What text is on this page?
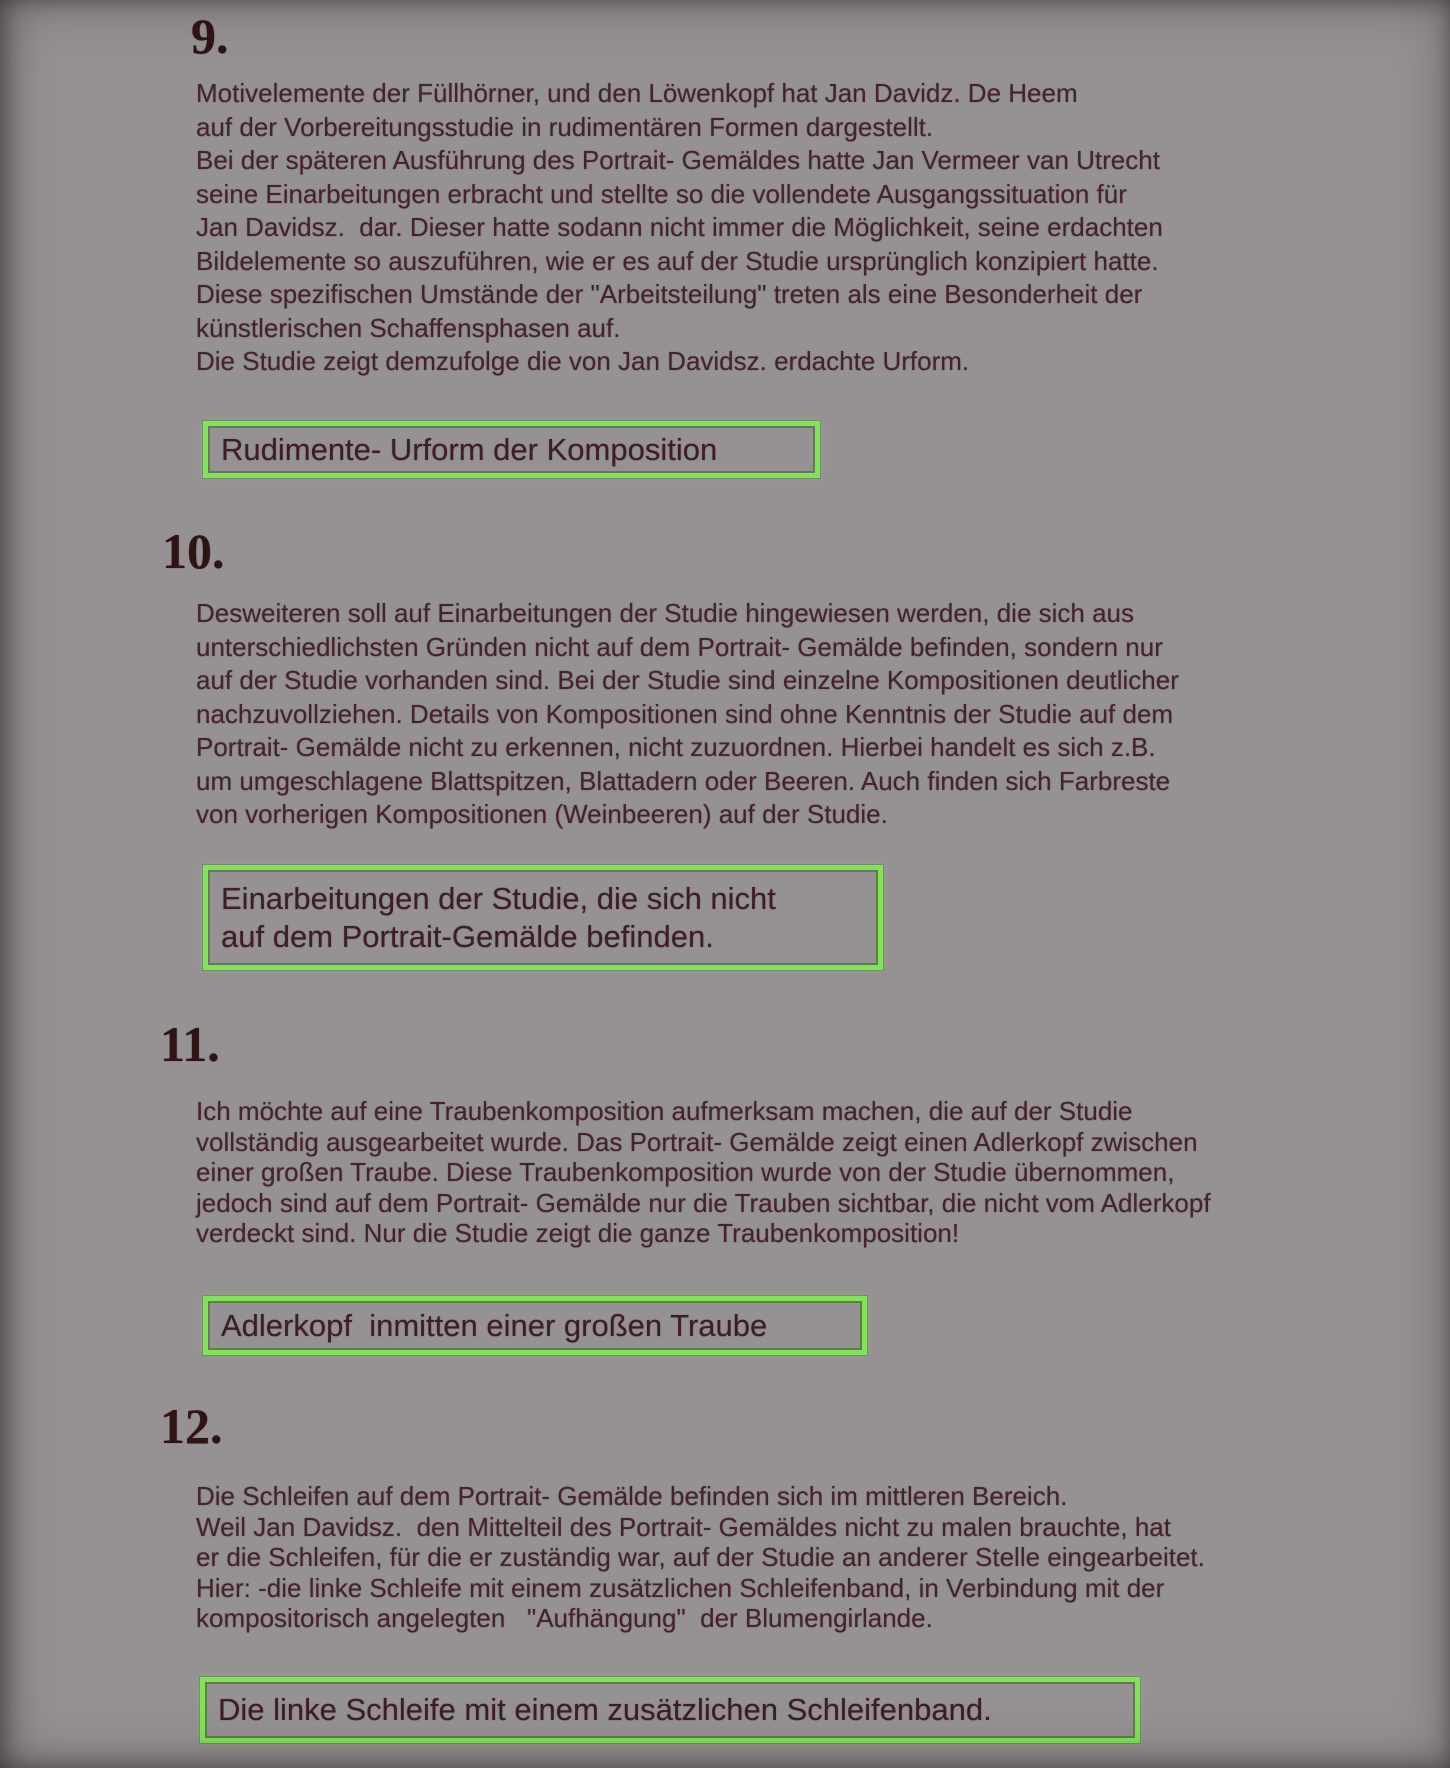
9.
Motivelemente der Füllhörner, und den Löwenkopf hat Jan Davidz. De Heem
auf der Vorbereitungsstudie in rudimentären Formen dargestellt.
Bei der späteren Ausführung des Portrait- Gemäldes hatte Jan Vermeer van Utrecht
seine Einarbeitungen erbracht und stellte so die vollendete Ausgangssituation für
Jan Davidsz.  dar. Dieser hatte sodann nicht immer die Möglichkeit, seine erdachten
Bildelemente so auszuführen, wie er es auf der Studie ursprünglich konzipiert hatte.
Diese spezifischen Umstände der "Arbeitsteilung" treten als eine Besonderheit der
künstlerischen Schaffensphasen auf.
Die Studie zeigt demzufolge die von Jan Davidsz. erdachte Urform.
Rudimente- Urform der Komposition
10.
Desweiteren soll auf Einarbeitungen der Studie hingewiesen werden, die sich aus
unterschiedlichsten Gründen nicht auf dem Portrait- Gemälde befinden, sondern nur
auf der Studie vorhanden sind. Bei der Studie sind einzelne Kompositionen deutlicher
nachzuvollziehen. Details von Kompositionen sind ohne Kenntnis der Studie auf dem
Portrait- Gemälde nicht zu erkennen, nicht zuzuordnen. Hierbei handelt es sich z.B.
um umgeschlagene Blattspitzen, Blattadern oder Beeren. Auch finden sich Farbreste
von vorherigen Kompositionen (Weinbeeren) auf der Studie.
Einarbeitungen der Studie, die sich nicht
auf dem Portrait-Gemälde befinden.
11.
Ich möchte auf eine Traubenkomposition aufmerksam machen, die auf der Studie
vollständig ausgearbeitet wurde. Das Portrait- Gemälde zeigt einen Adlerkopf zwischen
einer großen Traube. Diese Traubenkomposition wurde von der Studie übernommen,
jedoch sind auf dem Portrait- Gemälde nur die Trauben sichtbar, die nicht vom Adlerkopf
verdeckt sind. Nur die Studie zeigt die ganze Traubenkomposition!
Adlerkopf  inmitten einer großen Traube
12.
Die Schleifen auf dem Portrait- Gemälde befinden sich im mittleren Bereich.
Weil Jan Davidsz.  den Mittelteil des Portrait- Gemäldes nicht zu malen brauchte, hat
er die Schleifen, für die er zuständig war, auf der Studie an anderer Stelle eingearbeitet.
Hier: -die linke Schleife mit einem zusätzlichen Schleifenband, in Verbindung mit der
kompositorisch angelegten   "Aufhängung"  der Blumengirlande.
Die linke Schleife mit einem zusätzlichen Schleifenband.
